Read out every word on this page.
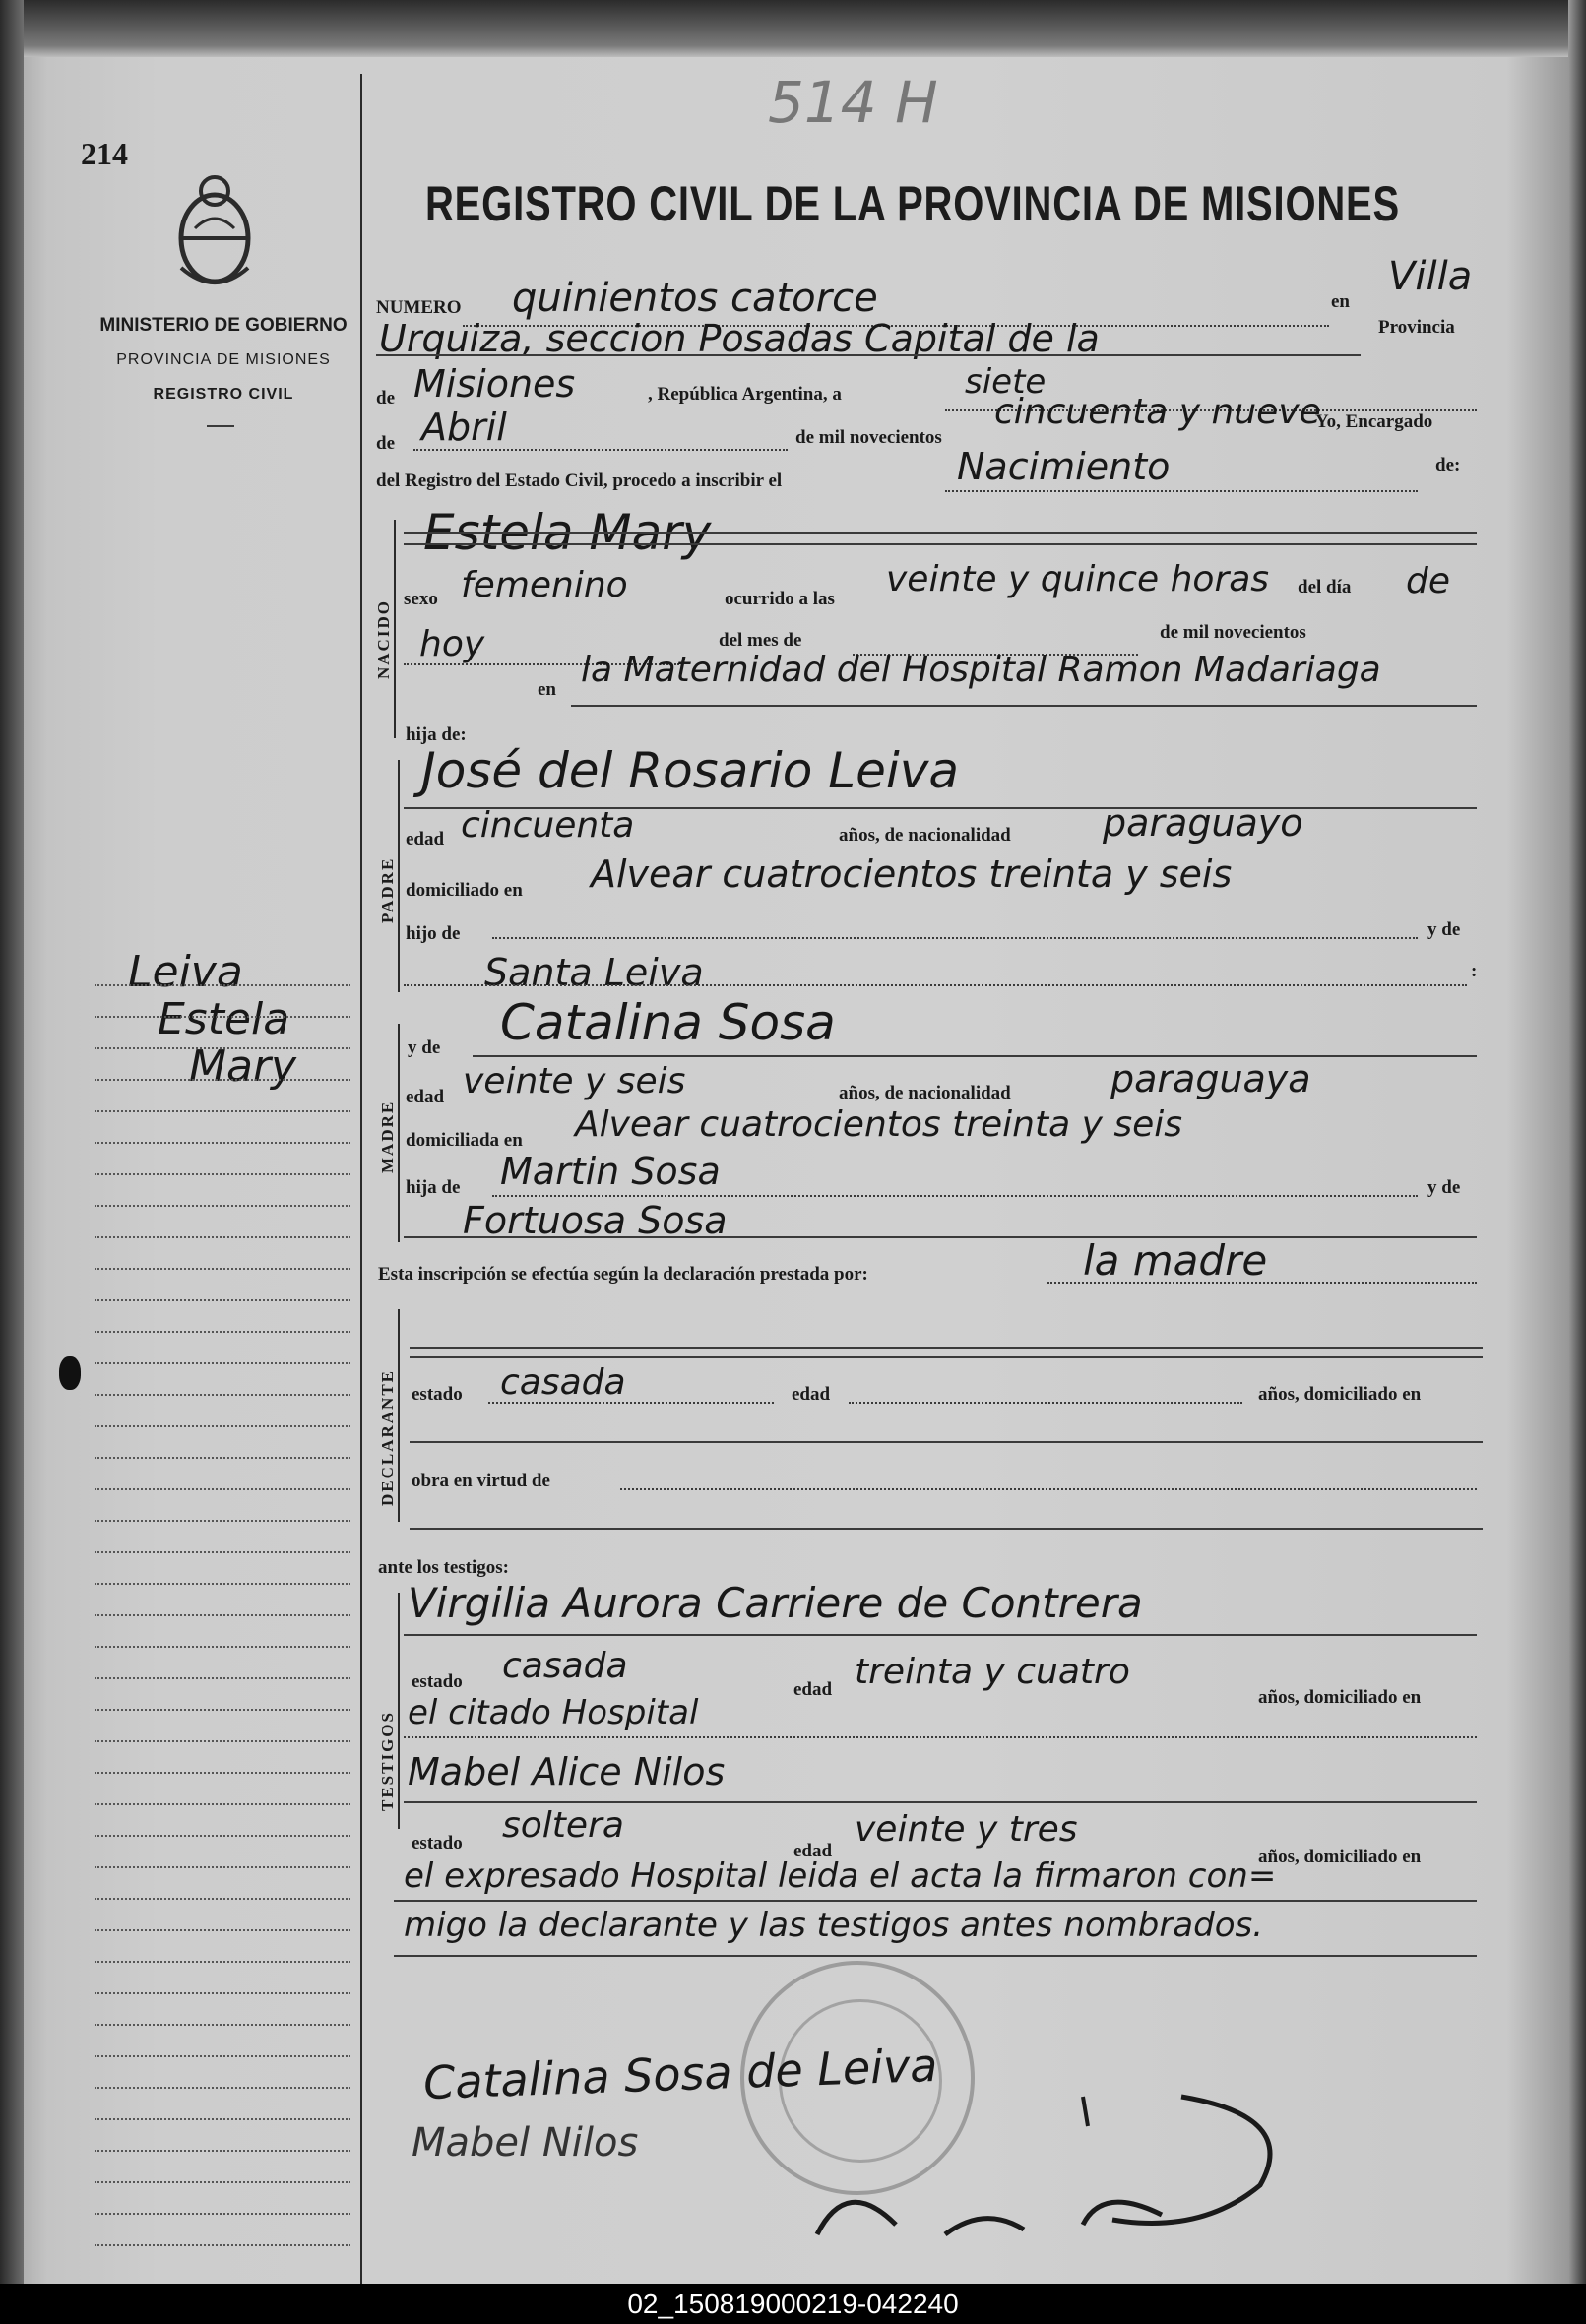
214
514 H
MINISTERIO DE GOBIERNO
PROVINCIA DE MISIONES
REGISTRO CIVIL
Leiva
Estela
Mary
REGISTRO CIVIL DE LA PROVINCIA DE MISIONES
NUMERO quinientos catorce	en
Villa
Urquiza, seccion Posadas Capital de la	Provincia
de Misiones	, República Argentina, a	siete
de Abril	de mil novecientos
cincuenta y nueve
Yo, Encargado
del Registro del Estado Civil, procedo a inscribir el	Nacimiento	de:
NACIDO
Estela Mary
sexo femenino	ocurrido a las veinte y quince horas del día de
hoy	del mes de	de mil novecientos
en la Maternidad del Hospital Ramon Madariaga
hija de:
PADRE
José del Rosario Leiva
edad cincuenta	años, de nacionalidad paraguayo
domiciliado en Alvear cuatrocientos treinta y seis
hijo de	y de
Santa Leiva	:
MADRE
y de Catalina Sosa
edad veinte y seis	años, de nacionalidad	paraguaya
domiciliada en Alvear cuatrocientos treinta y seis
hija de Martin Sosa	y de
Fortuosa Sosa
Esta inscripción se efectúa según la declaración prestada por:	la madre
DECLARANTE estado casada	edad	años, domiciliado en
obra en virtud de
ante los testigos:
TESTIGOS
Virgilia Aurora Carriere de Contrera
estado casada
edad treinta y cuatro
años, domiciliado en
el citado Hospital
Mabel Alice Nilos
estado soltera
edad
veinte y tres
años, domiciliado en
el expresado Hospital leida el acta la firmaron con=
migo la declarante y las testigos antes nombrados.
Catalina Sosa de Leiva
Mabel Nilos
02_150819000219-042240
